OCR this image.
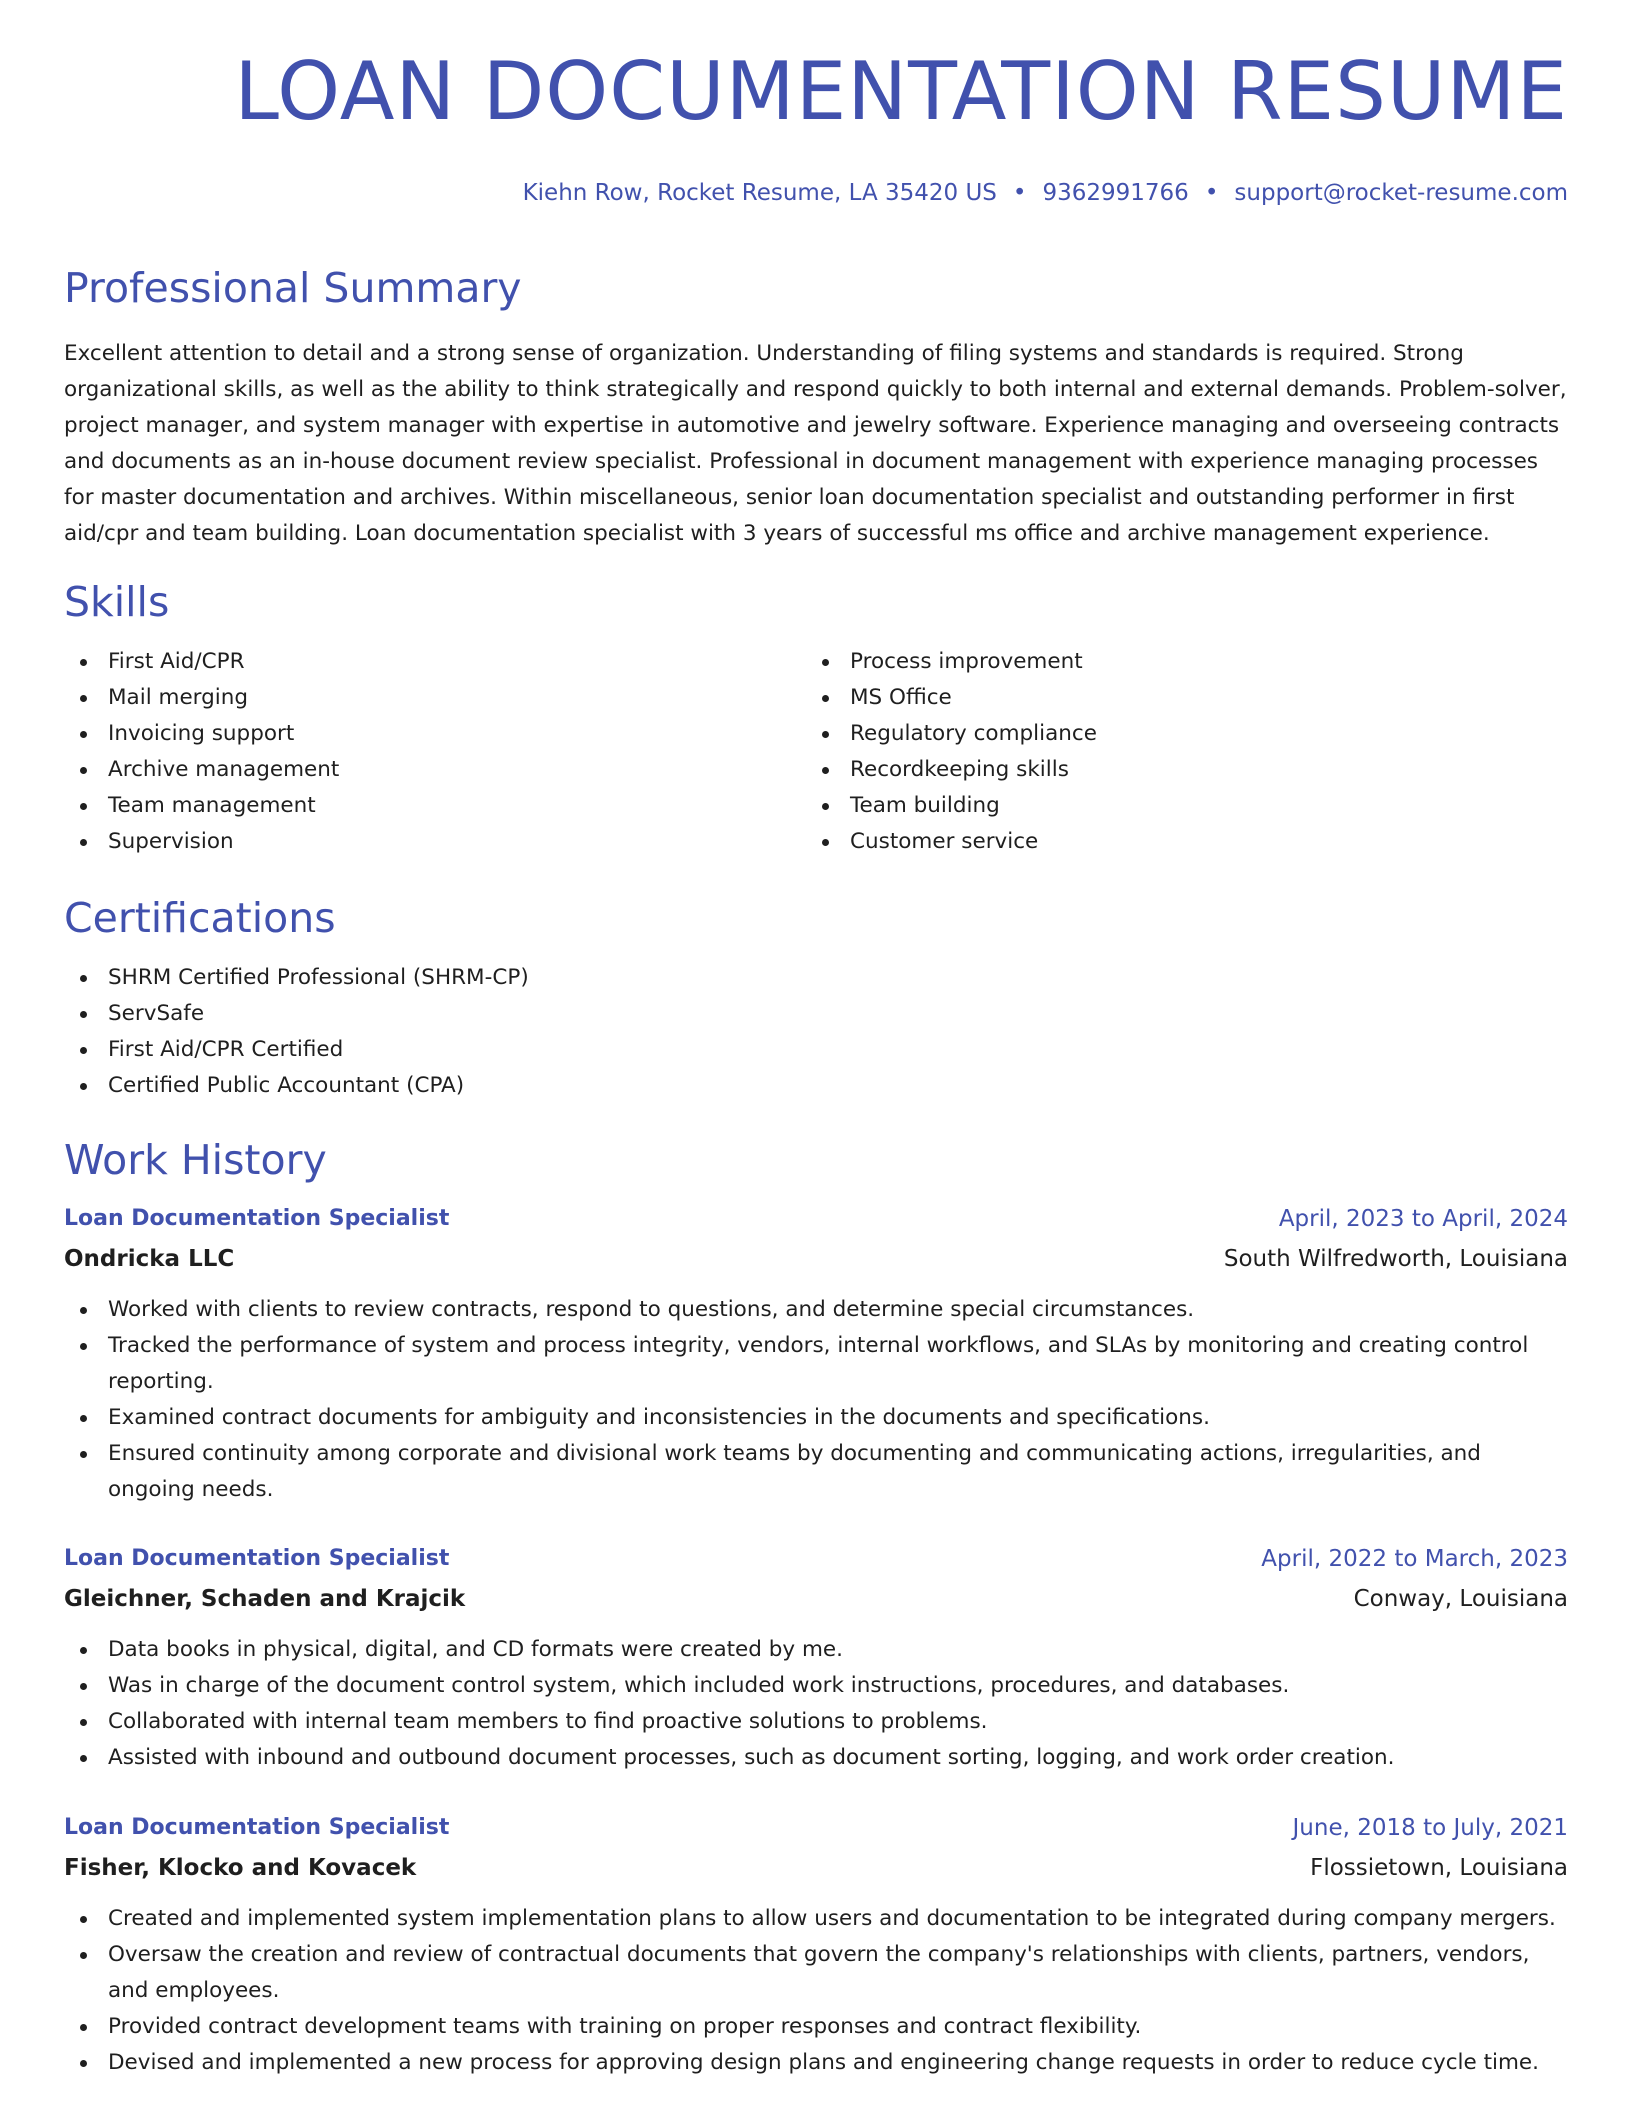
LOAN DOCUMENTATION RESUME
Kiehn Row, Rocket Resume, LA 35420 US • 9362991766 • support@rocket-resume.com
Professional Summary

Excellent attention to detail and a strong sense of organization. Understanding of filing systems and standards is required. Strong organizational skills, as well as the ability to think strategically and respond quickly to both internal and external demands. Problem-solver, project manager, and system manager with expertise in automotive and jewelry software. Experience managing and overseeing contracts and documents as an in-house document review specialist. Professional in document management with experience managing processes for master documentation and archives. Within miscellaneous, senior loan documentation specialist and outstanding performer in first aid/cpr and team building. Loan documentation specialist with 3 years of successful ms office and archive management experience.

Skills
First Aid/CPR
Mail merging
Invoicing support
Archive management
Team management
Supervision
Process improvement
MS Office
Regulatory compliance
Recordkeeping skills
Team building
Customer service
Certifications
SHRM Certified Professional (SHRM-CP)
ServSafe
First Aid/CPR Certified
Certified Public Accountant (CPA)
Work History
Loan Documentation Specialist	April, 2023 to April, 2024
Ondricka LLC	South Wilfredworth, Louisiana
Worked with clients to review contracts, respond to questions, and determine special circumstances.
Tracked the performance of system and process integrity, vendors, internal workflows, and SLAs by monitoring and creating control reporting.
Examined contract documents for ambiguity and inconsistencies in the documents and specifications.
Ensured continuity among corporate and divisional work teams by documenting and communicating actions, irregularities, and ongoing needs.
Loan Documentation Specialist	April, 2022 to March, 2023
Gleichner, Schaden and Krajcik	Conway, Louisiana
Data books in physical, digital, and CD formats were created by me.
Was in charge of the document control system, which included work instructions, procedures, and databases.
Collaborated with internal team members to find proactive solutions to problems.
Assisted with inbound and outbound document processes, such as document sorting, logging, and work order creation.
Loan Documentation Specialist	June, 2018 to July, 2021
Fisher, Klocko and Kovacek	Flossietown, Louisiana
Created and implemented system implementation plans to allow users and documentation to be integrated during company mergers.
Oversaw the creation and review of contractual documents that govern the company's relationships with clients, partners, vendors, and employees.
Provided contract development teams with training on proper responses and contract flexibility.
Devised and implemented a new process for approving design plans and engineering change requests in order to reduce cycle time.
